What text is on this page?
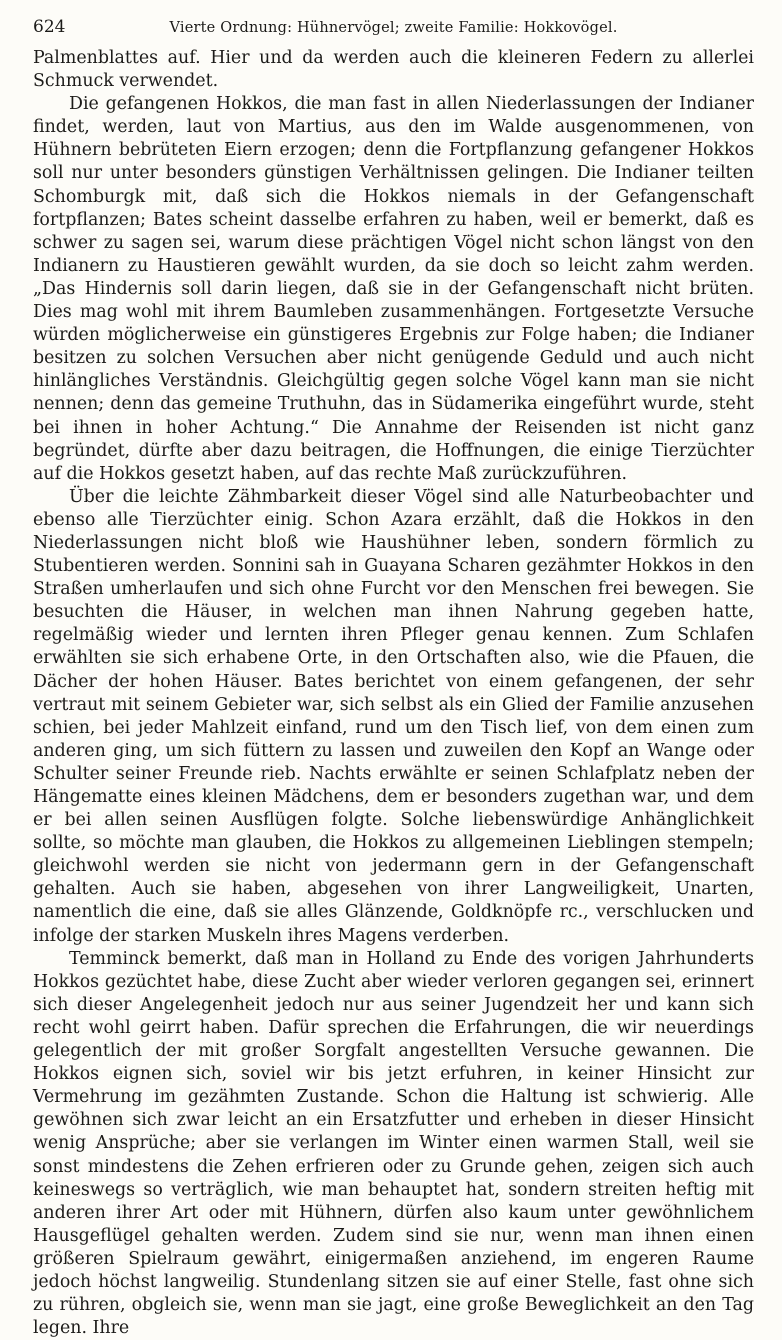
624	Vierte Ordnung: Hühnervögel; zweite Familie: Hokkovögel.

Palmenblattes auf. Hier und da werden auch die kleineren Federn zu allerlei Schmuck verwendet.

Die gefangenen Hokkos, die man fast in allen Niederlassungen der Indianer findet, werden, laut von Martius, aus den im Walde ausgenommenen, von Hühnern bebrüteten Eiern erzogen; denn die Fortpflanzung gefangener Hokkos soll nur unter besonders günstigen Verhältnissen gelingen. Die Indianer teilten Schomburgk mit, daß sich die Hokkos niemals in der Gefangenschaft fortpflanzen; Bates scheint dasselbe erfahren zu haben, weil er bemerkt, daß es schwer zu sagen sei, warum diese prächtigen Vögel nicht schon längst von den Indianern zu Haustieren gewählt wurden, da sie doch so leicht zahm werden. „Das Hindernis soll darin liegen, daß sie in der Gefangenschaft nicht brüten. Dies mag wohl mit ihrem Baumleben zusammenhängen. Fortgesetzte Versuche würden möglicherweise ein günstigeres Ergebnis zur Folge haben; die Indianer besitzen zu solchen Versuchen aber nicht genügende Geduld und auch nicht hinlängliches Verständnis. Gleichgültig gegen solche Vögel kann man sie nicht nennen; denn das gemeine Truthuhn, das in Südamerika eingeführt wurde, steht bei ihnen in hoher Achtung.“ Die Annahme der Reisenden ist nicht ganz begründet, dürfte aber dazu beitragen, die Hoffnungen, die einige Tierzüchter auf die Hokkos gesetzt haben, auf das rechte Maß zurückzuführen.

Über die leichte Zähmbarkeit dieser Vögel sind alle Naturbeobachter und ebenso alle Tierzüchter einig. Schon Azara erzählt, daß die Hokkos in den Niederlassungen nicht bloß wie Haushühner leben, sondern förmlich zu Stubentieren werden. Sonnini sah in Guayana Scharen gezähmter Hokkos in den Straßen umherlaufen und sich ohne Furcht vor den Menschen frei bewegen. Sie besuchten die Häuser, in welchen man ihnen Nahrung gegeben hatte, regelmäßig wieder und lernten ihren Pfleger genau kennen. Zum Schlafen erwählten sie sich erhabene Orte, in den Ortschaften also, wie die Pfauen, die Dächer der hohen Häuser. Bates berichtet von einem gefangenen, der sehr vertraut mit seinem Gebieter war, sich selbst als ein Glied der Familie anzusehen schien, bei jeder Mahlzeit einfand, rund um den Tisch lief, von dem einen zum anderen ging, um sich füttern zu lassen und zuweilen den Kopf an Wange oder Schulter seiner Freunde rieb. Nachts erwählte er seinen Schlafplatz neben der Hängematte eines kleinen Mädchens, dem er besonders zugethan war, und dem er bei allen seinen Ausflügen folgte. Solche liebenswürdige Anhänglichkeit sollte, so möchte man glauben, die Hokkos zu allgemeinen Lieblingen stempeln; gleichwohl werden sie nicht von jedermann gern in der Gefangenschaft gehalten. Auch sie haben, abgesehen von ihrer Langweiligkeit, Unarten, namentlich die eine, daß sie alles Glänzende, Goldknöpfe rc., verschlucken und infolge der starken Muskeln ihres Magens verderben.

Temminck bemerkt, daß man in Holland zu Ende des vorigen Jahrhunderts Hokkos gezüchtet habe, diese Zucht aber wieder verloren gegangen sei, erinnert sich dieser Angelegenheit jedoch nur aus seiner Jugendzeit her und kann sich recht wohl geirrt haben. Dafür sprechen die Erfahrungen, die wir neuerdings gelegentlich der mit großer Sorgfalt angestellten Versuche gewannen. Die Hokkos eignen sich, soviel wir bis jetzt erfuhren, in keiner Hinsicht zur Vermehrung im gezähmten Zustande. Schon die Haltung ist schwierig. Alle gewöhnen sich zwar leicht an ein Ersatzfutter und erheben in dieser Hinsicht wenig Ansprüche; aber sie verlangen im Winter einen warmen Stall, weil sie sonst mindestens die Zehen erfrieren oder zu Grunde gehen, zeigen sich auch keineswegs so verträglich, wie man behauptet hat, sondern streiten heftig mit anderen ihrer Art oder mit Hühnern, dürfen also kaum unter gewöhnlichem Hausgeflügel gehalten werden. Zudem sind sie nur, wenn man ihnen einen größeren Spielraum gewährt, einigermaßen anziehend, im engeren Raume jedoch höchst langweilig. Stundenlang sitzen sie auf einer Stelle, fast ohne sich zu rühren, obgleich sie, wenn man sie jagt, eine große Beweglichkeit an den Tag legen. Ihre
